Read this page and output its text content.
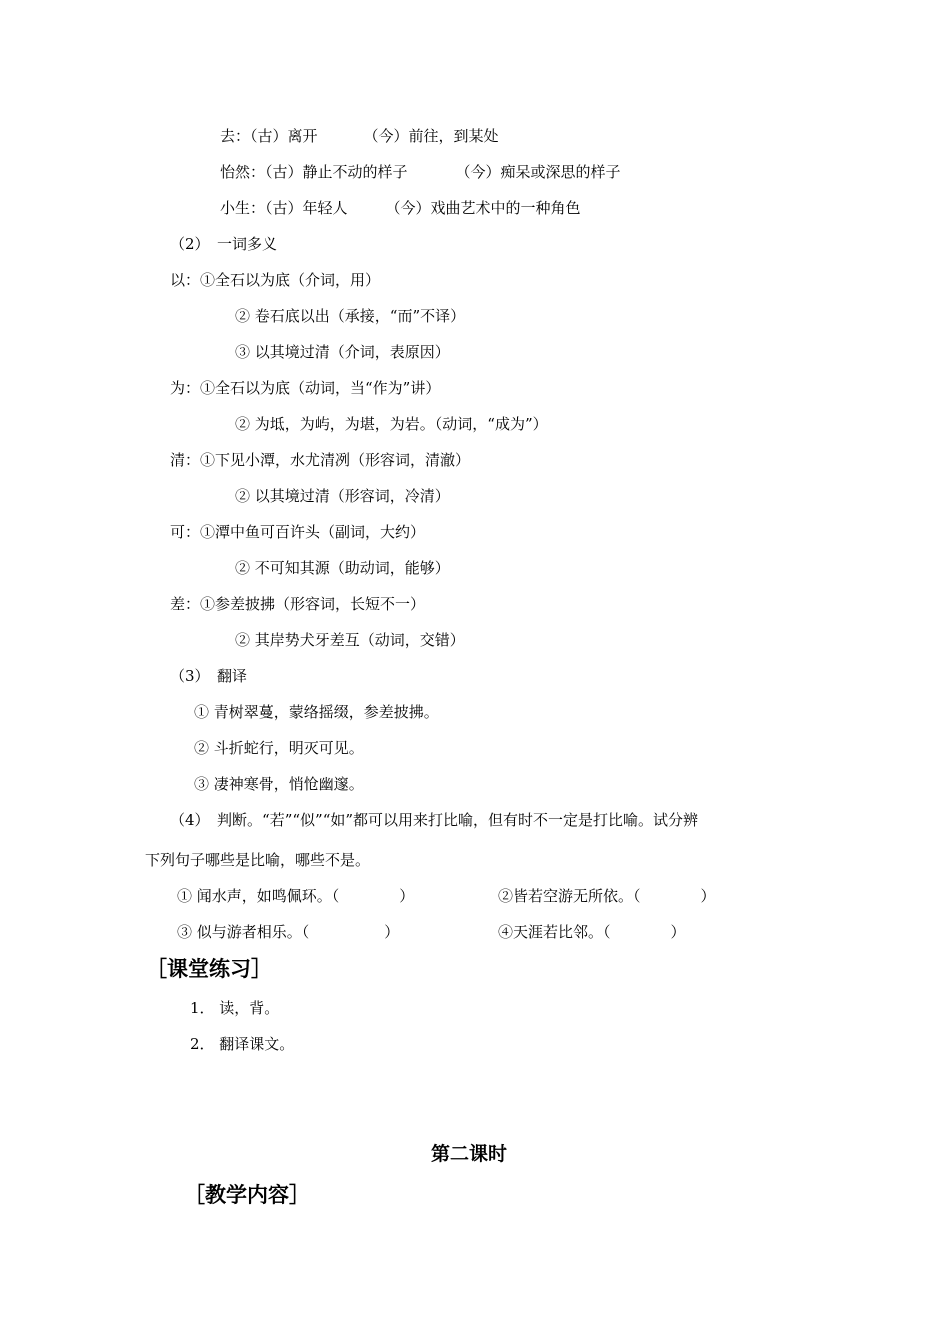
去：（古）离开	（今）前往，到某处
怡然：（古）静止不动的样子	（今）痴呆或深思的样子
小生：（古）年轻人	（今）戏曲艺术中的一种角色
（2）　一词多义
以：①全石以为底（介词，用）
② 卷石底以出（承接，“而”不译）
③ 以其境过清（介词，表原因）
为：①全石以为底（动词，当“作为”讲）
② 为坻，为屿，为堪，为岩。（动词，“成为”）
清：①下见小潭，水尤清冽（形容词，清澈）
② 以其境过清（形容词，冷清）
可：①潭中鱼可百许头（副词，大约）
② 不可知其源（助动词，能够）
差：①参差披拂（形容词，长短不一）
② 其岸势犬牙差互（动词，交错）
（3）　翻译
① 青树翠蔓，蒙络摇缀，参差披拂。
② 斗折蛇行，明灭可见。
③ 凄神寒骨，悄怆幽邃。
（4）　判断。“若”“似”“如”都可以用来打比喻，但有时不一定是打比喻。试分辨
下列句子哪些是比喻，哪些不是。
① 闻水声，如鸣佩环。（　　　　）	②皆若空游无所依。（　　　　）
③ 似与游者相乐。（　　　　　）	④天涯若比邻。（　　　　）
［课堂练习］
1． 读，背。
2． 翻译课文。
第二课时
［教学内容］
